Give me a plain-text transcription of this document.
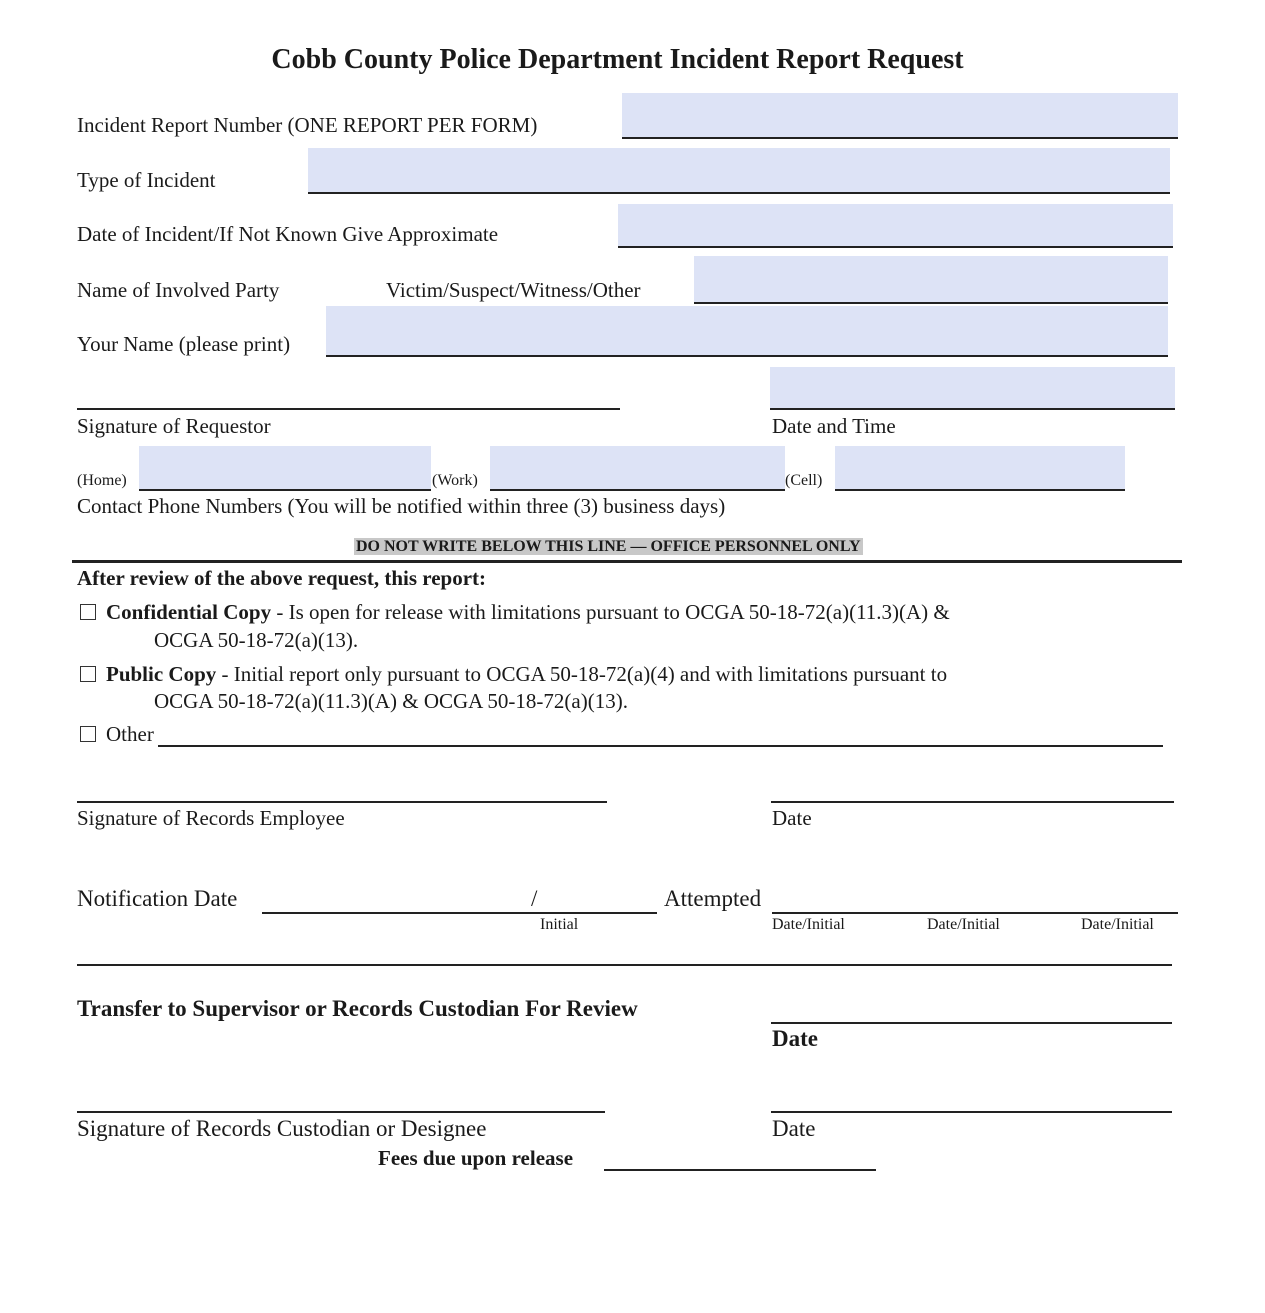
Cobb County Police Department Incident Report Request
Incident Report Number (ONE REPORT PER FORM)
Type of Incident
Date of Incident/If Not Known Give Approximate
Name of Involved Party	Victim/Suspect/Witness/Other
Your Name (please print)
Signature of Requestor	Date and Time
(Home)	(Work)	(Cell)
Contact Phone Numbers (You will be notified within three (3) business days)
DO NOT WRITE BELOW THIS LINE — OFFICE PERSONNEL ONLY
After review of the above request, this report:
Confidential Copy - Is open for release with limitations pursuant to OCGA 50-18-72(a)(11.3)(A) &
OCGA 50-18-72(a)(13).
Public Copy - Initial report only pursuant to OCGA 50-18-72(a)(4) and with limitations pursuant to
OCGA 50-18-72(a)(11.3)(A) & OCGA 50-18-72(a)(13).
Other
Signature of Records Employee	Date
Notification Date	/
Initial
Attempted
Date/Initial	Date/Initial	Date/Initial
Transfer to Supervisor or Records Custodian For Review
Date
Signature of Records Custodian or Designee	Date
Fees due upon release
